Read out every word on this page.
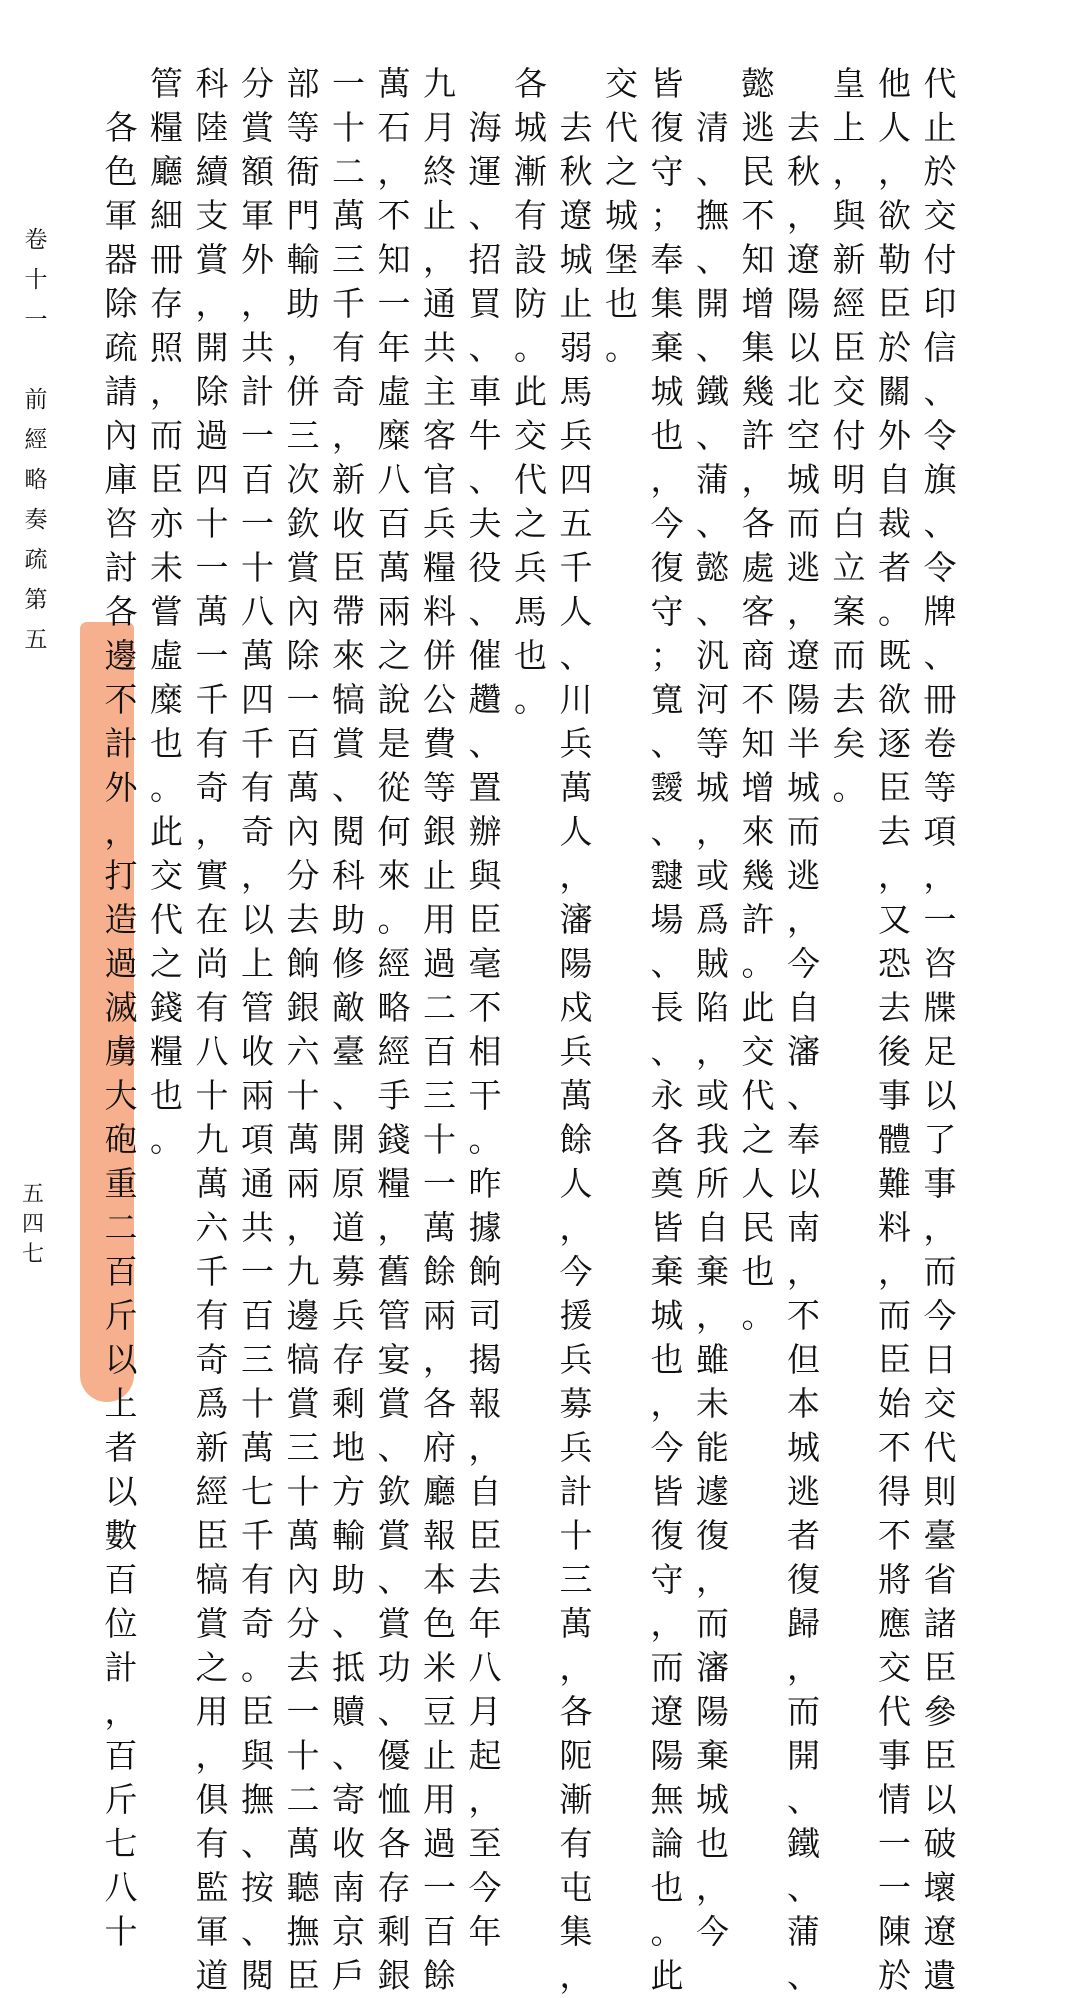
代
止
於
交
付
印
信
、
令
旗
、
令
牌
、
冊
卷
等
項
，
一
咨
牒
足
以
了
事
，
而
今
日
交
代
則
臺
省
諸
臣
參
臣
以
破
壞
遼
遺
他
人
，
欲
勒
臣
於
關
外
自
裁
者
。
既
欲
逐
臣
去
，
又
恐
去
後
事
體
難
料
，
而
臣
始
不
得
不
將
應
交
代
事
情
一
一
陳
於
皇
上
，
與
新
經
臣
交
付
明
白
立
案
而
去
矣
。

去
秋
，
遼
陽
以
北
空
城
而
逃
，
遼
陽
半
城
而
逃
，
今
自
瀋
、
奉
以
南
，
不
但
本
城
逃
者
復
歸
，
而
開
、
鐵
、
蒲
、
懿
逃
民
不
知
增
集
幾
許
，
各
處
客
商
不
知
增
來
幾
許
。
此
交
代
之
人
民
也
。

清
、
撫
、
開
、
鐵
、
蒲
、
懿
、
汎
河
等
城
，
或
爲
賊
陷
，
或
我
所
自
棄
，
雖
未
能
遽
復
，
而
瀋
陽
棄
城
也
，
今
皆
復
守
；
奉
集
棄
城
也
，
今
復
守
；
寬
、
靉
、
靆
場
、
長
、
永
各
奠
皆
棄
城
也
，
今
皆
復
守
，
而
遼
陽
無
論
也
。
此
交
代
之
城
堡
也
。

去
秋
遼
城
止
弱
馬
兵
四
五
千
人
、
川
兵
萬
人
，
瀋
陽
戍
兵
萬
餘
人
，
今
援
兵
募
兵
計
十
三
萬
，
各
阨
漸
有
屯
集
，
各
城
漸
有
設
防
。
此
交
代
之
兵
馬
也
。

海
運
、
招
買
、
車
牛
、
夫
役
、
催
趲
、
置
辦
與
臣
毫
不
相
干
。
昨
據
餉
司
揭
報
，
自
臣
去
年
八
月
起
，
至
今
年
九
月
終
止
，
通
共
主
客
官
兵
糧
料
併
公
費
等
銀
止
用
過
二
百
三
十
一
萬
餘
兩
，
各
府
廳
報
本
色
米
豆
止
用
過
一
百
餘
萬
石
，
不
知
一
年
虛
糜
八
百
萬
兩
之
說
是
從
何
來
。
經
略
經
手
錢
糧
，
舊
管
宴
賞
、
欽
賞
、
賞
功
、
優
恤
各
存
剩
銀
一
十
二
萬
三
千
有
奇
，
新
收
臣
帶
來
犒
賞
、
閱
科
助
修
敵
臺
、
開
原
道
募
兵
存
剩
地
方
輸
助
、
抵
贖
、
寄
收
南
京
戶
部
等
衙
門
輸
助
，
併
三
次
欽
賞
內
除
一
百
萬
內
分
去
餉
銀
六
十
萬
兩
，
九
邊
犒
賞
三
十
萬
內
分
去
一
十
二
萬
聽
撫
臣
分
賞
額
軍
外
，
共
計
一
百
一
十
八
萬
四
千
有
奇
，
以
上
管
收
兩
項
通
共
一
百
三
十
萬
七
千
有
奇
。
臣
與
撫
、
按
、
閱
科
陸
續
支
賞
，
開
除
過
四
十
一
萬
一
千
有
奇
，
實
在
尚
有
八
十
九
萬
六
千
有
奇
爲
新
經
臣
犒
賞
之
用
，
俱
有
監
軍
道
管
糧
廳
細
冊
存
照
，
而
臣
亦
未
嘗
虛
糜
也
。
此
交
代
之
錢
糧
也
。

各
色
軍
器
除
疏
請
內
庫
咨
討
各
邊
不
計
外
，
打
造
過
滅
虜
大
砲
重
二
百
斤
以
上
者
以
數
百
位
計
，
百
斤
七
八
十
卷
十
一

前
經
略
奏
疏
第
五
五
四
七
